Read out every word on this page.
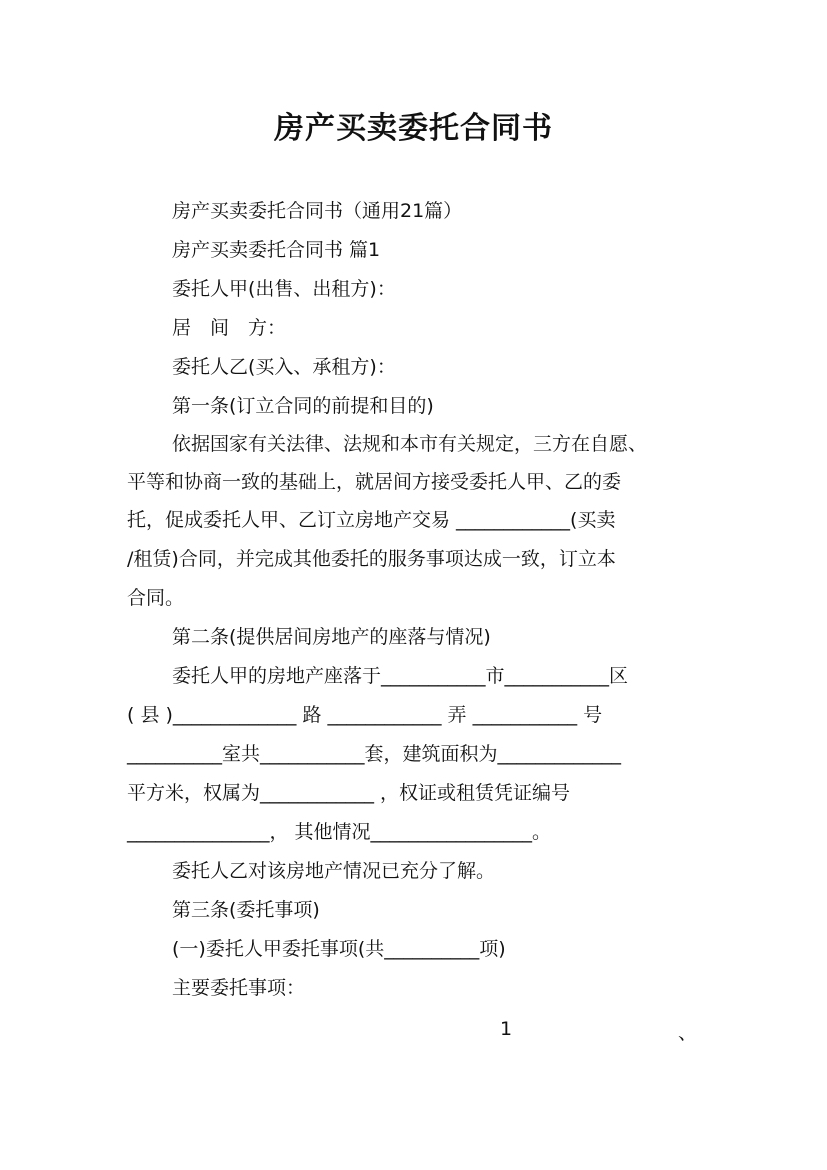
房产买卖委托合同书
房产买卖委托合同书（通用21篇）
房产买卖委托合同书 篇1
委托人甲(出售、出租方)：
居　间　方：
委托人乙(买入、承租方)：
第一条(订立合同的前提和目的)
依据国家有关法律、法规和本市有关规定，三方在自愿、
平等和协商一致的基础上，就居间方接受委托人甲、乙的委
托，促成委托人甲、乙订立房地产交易 ____________(买卖
/租赁)合同，并完成其他委托的服务事项达成一致，订立本
合同。
第二条(提供居间房地产的座落与情况)
委托人甲的房地产座落于___________市___________区
( 县 )_____________ 路 ____________ 弄 ___________ 号
__________室共___________套，建筑面积为_____________
平方米，权属为____________ ，权证或租赁凭证编号
_______________， 其他情况_________________。
委托人乙对该房地产情况已充分了解。
第三条(委托事项)
(一)委托人甲委托事项(共__________项)
主要委托事项：
1	、
